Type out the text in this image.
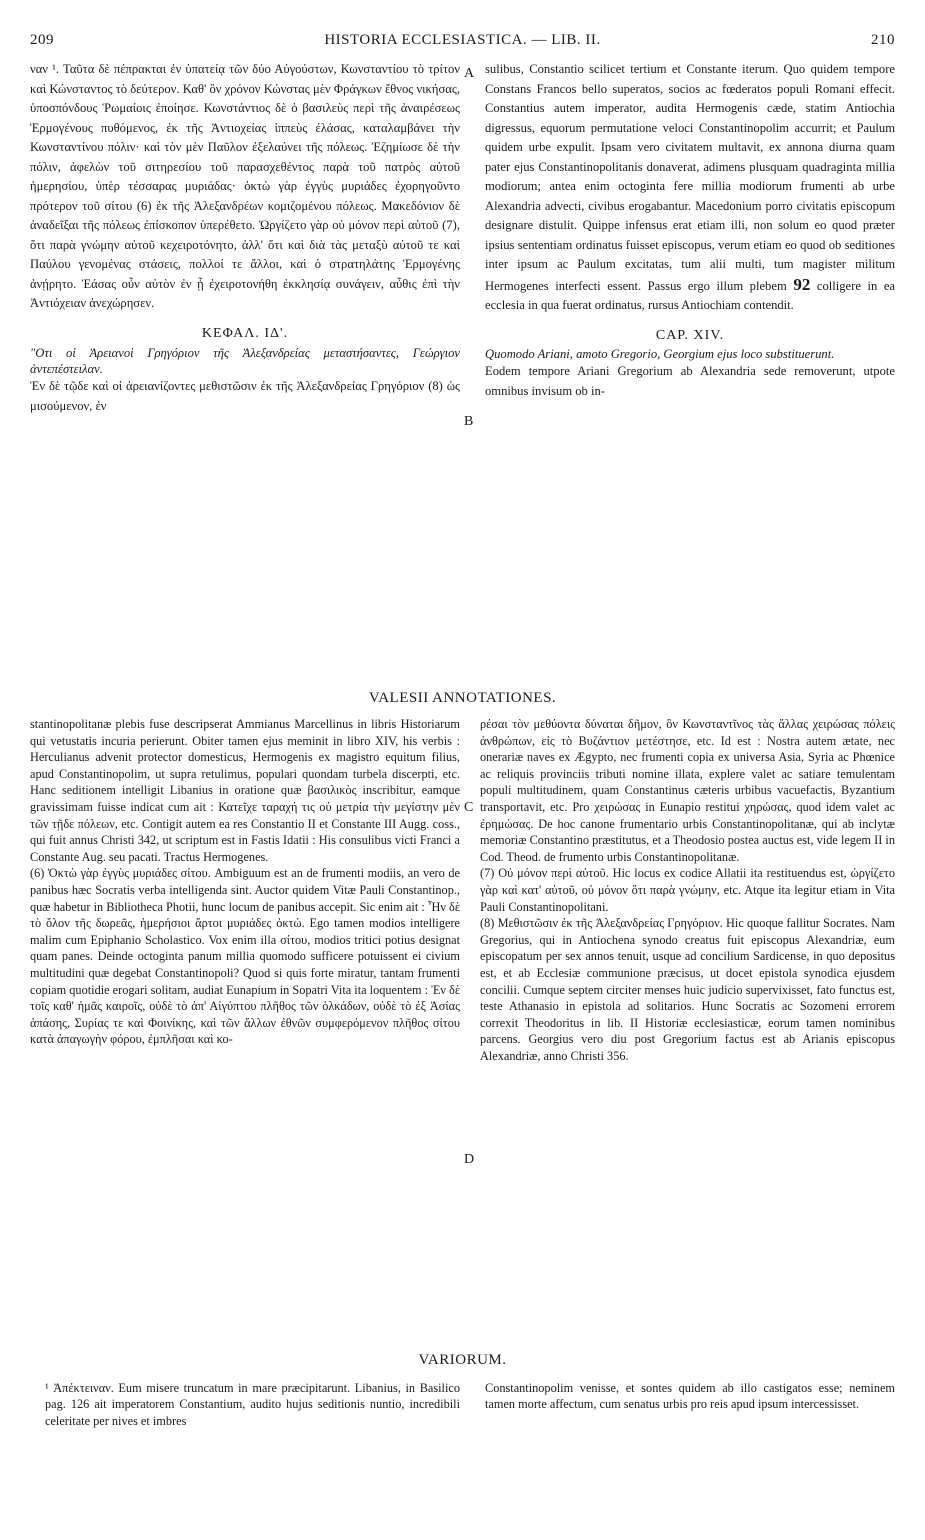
209	HISTORIA ECCLESIASTICA. — LIB. II.	210

ναν ¹. Ταῦτα δὲ πέπρακται ἐν ὑπατείᾳ τῶν δύο Αὐγούστων, Κωνσταντίου τὸ τρίτον καὶ Κώνσταντος τὸ δεύτερον. Καθ' ὃν χρόνον Κώνστας μὲν Φράγκων ἔθνος νικήσας, ὑποσπόνδους Ῥωμαίοις ἐποίησε. Κωνστάντιος δὲ ὁ βασιλεὺς περὶ τῆς ἀναιρέσεως Ἑρμογένους πυθόμενος, ἐκ τῆς Ἀντιοχείας ἱππεὺς ἐλάσας, καταλαμβάνει τὴν Κωνσταντίνου πόλιν· καὶ τὸν μὲν Παῦλον ἐξελαύνει τῆς πόλεως. Ἐζημίωσε δὲ τὴν πόλιν, ἀφελὼν τοῦ σιτηρεσίου τοῦ παρασχεθέντος παρὰ τοῦ πατρὸς αὐτοῦ ἡμερησίου, ὑπὲρ τέσσαρας μυριάδας· ὀκτὼ γὰρ ἐγγὺς μυριάδες ἐχορηγοῦντο πρότερον τοῦ σίτου (6) ἐκ τῆς Ἀλεξανδρέων κομιζομένου πόλεως. Μακεδόνιον δὲ ἀναδεῖξαι τῆς πόλεως ἐπίσκοπον ὑπερέθετο. Ὠργίζετο γὰρ οὐ μόνον περὶ αὐτοῦ (7), ὅτι παρὰ γνώμην αὐτοῦ κεχειροτόνητο, ἀλλ' ὅτι καὶ διὰ τὰς μεταξὺ αὐτοῦ τε καὶ Παύλου γενομένας στάσεις, πολλοί τε ἄλλοι, καὶ ὁ στρατηλάτης Ἑρμογένης ἀνῄρητο. Ἐάσας οὖν αὐτὸν ἐν ᾗ ἐχειροτονήθη ἐκκλησίᾳ συνάγειν, αὖθις ἐπὶ τὴν Ἀντιόχειαν ἀνεχώρησεν.

ΚΕΦΑΛ. ΙΔ'.

"Οτι οἱ Ἀρειανοὶ Γρηγόριον τῆς Ἀλεξανδρείας μεταστήσαντες, Γεώργιον ἀντεπέστειλαν.

Ἐν δὲ τῷδε καὶ οἱ ἀρειανίζοντες μεθιστῶσιν ἐκ τῆς Ἀλεξανδρείας Γρηγόριον (8) ὡς μισούμενον, ἐν

A
B

sulibus, Constantio scilicet tertium et Constante iterum. Quo quidem tempore Constans Francos bello superatos, socios ac fœderatos populi Romani effecit. Constantius autem imperator, audita Hermogenis cæde, statim Antiochia digressus, equorum permutatione veloci Constantinopolim accurrit; et Paulum quidem urbe expulit. Ipsam vero civitatem multavit, ex annona diurna quam pater ejus Constantinopolitanis donaverat, adimens plusquam quadraginta millia modiorum; antea enim octoginta fere millia modiorum frumenti ab urbe Alexandria advecti, civibus erogabantur. Macedonium porro civitatis episcopum designare distulit. Quippe infensus erat etiam illi, non solum eo quod præter ipsius sententiam ordinatus fuisset episcopus, verum etiam eo quod ob seditiones inter ipsum ac Paulum excitatas, tum alii multi, tum magister militum Hermogenes interfecti essent. Passus ergo illum plebem 92 colligere in ea ecclesia in qua fuerat ordinatus, rursus Antiochiam contendit.

CAP. XIV.

Quomodo Ariani, amoto Gregorio, Georgium ejus loco substituerunt.

Eodem tempore Ariani Gregorium ab Alexandria sede removerunt, utpote omnibus invisum ob in-

VALESII ANNOTATIONES.

stantinopolitanæ plebis fuse descripserat Ammianus Marcellinus in libris Historiarum qui vetustatis incuria perierunt. Obiter tamen ejus meminit in libro XIV, his verbis : Herculianus advenit protector domesticus, Hermogenis ex magistro equitum filius, apud Constantinopolim, ut supra retulimus, populari quondam turbela discerpti, etc. Hanc seditionem intelligit Libanius in oratione quæ βασιλικὸς inscribitur, eamque gravissimam fuisse indicat cum ait : Κατεῖχε ταραχή τις οὐ μετρία τὴν μεγίστην μὲν τῶν τῇδε πόλεων, etc. Contigit autem ea res Constantio II et Constante III Augg. coss., qui fuit annus Christi 342, ut scriptum est in Fastis Idatii : His consulibus victi Franci a Constante Aug. seu pacati. Tractus Hermogenes.

(6) Ὀκτὼ γὰρ ἐγγὺς μυριάδες σίτου. Ambiguum est an de frumenti modiis, an vero de panibus hæc Socratis verba intelligenda sint. Auctor quidem Vitæ Pauli Constantinop., quæ habetur in Bibliotheca Photii, hunc locum de panibus accepit. Sic enim ait : Ἦν δὲ τὸ ὄλον τῆς δωρεᾶς, ἡμερήσιοι ἄρτοι μυριάδες ὀκτώ. Ego tamen modios intelligere malim cum Epiphanio Scholastico. Vox enim illa σίτου, modios tritici potius designat quam panes. Deinde octoginta panum millia quomodo sufficere potuissent ei civium multitudini quæ degebat Constantinopoli? Quod si quis forte miratur, tantam frumenti copiam quotidie erogari solitam, audiat Eunapium in Sopatri Vita ita loquentem : Ἐν δὲ τοῖς καθ' ἡμᾶς καιροῖς, οὐδὲ τὸ ἀπ' Αἰγύπτου πλῆθος τῶν ὁλκάδων, οὐδὲ τὸ ἐξ Ἀσίας ἁπάσης, Συρίας τε καὶ Φοινίκης, καὶ τῶν ἄλλων ἐθνῶν συμφερόμενον πλῆθος σίτου κατὰ ἀπαγωγὴν φόρου, ἐμπλῆσαι καὶ κο-

C
D

ρέσαι τὸν μεθύοντα δύναται δῆμον, ὃν Κωνσταντῖνος τὰς ἄλλας χειρώσας πόλεις ἀνθρώπων, εἰς τὸ Βυζάντιον μετέστησε, etc. Id est : Nostra autem ætate, nec onerariæ naves ex Ægypto, nec frumenti copia ex universa Asia, Syria ac Phœnice ac reliquis provinciis tributi nomine illata, explere valet ac satiare temulentam populi multitudinem, quam Constantinus cæteris urbibus vacuefactis, Byzantium transportavit, etc. Pro χειρώσας in Eunapio restitui χηρώσας, quod idem valet ac ἐρημώσας. De hoc canone frumentario urbis Constantinopolitanæ, qui ab inclytæ memoriæ Constantino præstitutus, et a Theodosio postea auctus est, vide legem II in Cod. Theod. de frumento urbis Constantinopolitanæ.

(7) Οὐ μόνον περὶ αὐτοῦ. Hic locus ex codice Allatii ita restituendus est, ὠργίζετο γὰρ καὶ κατ' αὐτοῦ, οὐ μόνον ὅτι παρὰ γνώμην, etc. Atque ita legitur etiam in Vita Pauli Constantinopolitani.

(8) Μεθιστῶσιν ἐκ τῆς Ἀλεξανδρείας Γρηγόριον. Hic quoque fallitur Socrates. Nam Gregorius, qui in Antiochena synodo creatus fuit episcopus Alexandriæ, eum episcopatum per sex annos tenuit, usque ad concilium Sardicense, in quo depositus est, et ab Ecclesiæ communione præcisus, ut docet epistola synodica ejusdem concilii. Cumque septem circiter menses huic judicio supervixisset, fato functus est, teste Athanasio in epistola ad solitarios. Hunc Socratis ac Sozomeni errorem correxit Theodoritus in lib. II Historiæ ecclesiasticæ, eorum tamen nominibus parcens. Georgius vero diu post Gregorium factus est ab Arianis episcopus Alexandriæ, anno Christi 356.

VARIORUM.

¹ Ἀπέκτειναν. Eum misere truncatum in mare præcipitarunt. Libanius, in Basilico pag. 126 ait imperatorem Constantium, audito hujus seditionis nuntio, incredibili celeritate per nives et imbres

Constantinopolim venisse, et sontes quidem ab illo castigatos esse; neminem tamen morte affectum, cum senatus urbis pro reis apud ipsum intercessisset.
